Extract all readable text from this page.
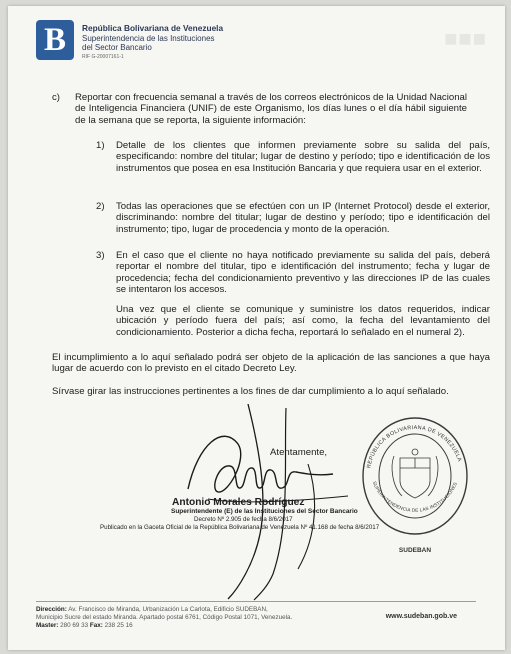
B	República Bolivariana de Venezuela
Superintendencia de las Instituciones
del Sector Bancario
RIF G-20007161-1
■■■
c) Reportar con frecuencia semanal a través de los correos electrónicos de la Unidad Nacional de Inteligencia Financiera (UNIF) de este Organismo, los días lunes o el día hábil siguiente de la semana que se reporta, la siguiente información:
1) Detalle de los clientes que informen previamente sobre su salida del país, especificando: nombre del titular; lugar de destino y período; tipo e identificación de los instrumentos que posea en esa Institución Bancaria y que requiera usar en el exterior.
2) Todas las operaciones que se efectúen con un IP (Internet Protocol) desde el exterior, discriminando: nombre del titular; lugar de destino y período; tipo e identificación del instrumento; tipo, lugar de procedencia y monto de la operación.
3) En el caso que el cliente no haya notificado previamente su salida del país, deberá reportar el nombre del titular, tipo e identificación del instrumento; fecha y lugar de procedencia; fecha del condicionamiento preventivo y las direcciones IP de las cuales se intentaron los accesos.
Una vez que el cliente se comunique y suministre los datos requeridos, indicar ubicación y período fuera del país; así como, la fecha del levantamiento del condicionamiento. Posterior a dicha fecha, reportará lo señalado en el numeral 2).
El incumplimiento a lo aquí señalado podrá ser objeto de la aplicación de las sanciones a que haya lugar de acuerdo con lo previsto en el citado Decreto Ley.
Sírvase girar las instrucciones pertinentes a los fines de dar cumplimiento a lo aquí señalado.
Atentamente,
Antonio Morales Rodríguez
Superintendente (E) de las Instituciones del Sector Bancario
Decreto Nº 2.905 de fecha 8/6/2017
Publicado en la Gaceta Oficial de la República Bolivariana de Venezuela Nº 41.168 de fecha 8/6/2017
REPÚBLICA BOLIVARIANA DE VENEZUELA
SUPERINTENDENCIA DE LAS INSTITUCIONES
SUDEBAN
Dirección: Av. Francisco de Miranda, Urbanización La Carlota, Edificio SUDEBAN,
Municipio Sucre del estado Miranda. Apartado postal 6761, Código Postal 1071, Venezuela.
Master: 280 69 33 Fax: 238 25 16
www.sudeban.gob.ve
